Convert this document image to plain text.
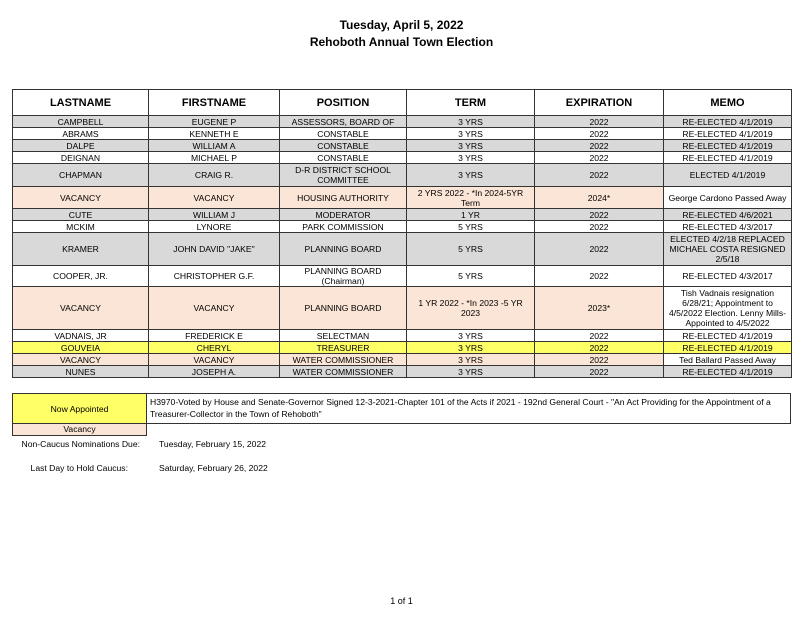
Tuesday, April 5, 2022
Rehoboth Annual Town Election
LASTNAME	FIRSTNAME	POSITION	TERM	EXPIRATION	MEMO
CAMPBELL	EUGENE P	ASSESSORS, BOARD OF	3 YRS	2022	RE-ELECTED 4/1/2019
ABRAMS	KENNETH E	CONSTABLE	3 YRS	2022	RE-ELECTED 4/1/2019
DALPE	WILLIAM A	CONSTABLE	3 YRS	2022	RE-ELECTED 4/1/2019
DEIGNAN	MICHAEL P	CONSTABLE	3 YRS	2022	RE-ELECTED 4/1/2019
CHAPMAN	CRAIG R.	D-R DISTRICT SCHOOL COMMITTEE	3 YRS	2022	ELECTED 4/1/2019
VACANCY	VACANCY	HOUSING AUTHORITY	2 YRS 2022 - *In 2024-5YR Term	2024*	George Cardono Passed Away
CUTE	WILLIAM J	MODERATOR	1 YR	2022	RE-ELECTED 4/6/2021
MCKIM	LYNORE	PARK COMMISSION	5 YRS	2022	RE-ELECTED 4/3/2017
KRAMER	JOHN DAVID "JAKE"	PLANNING BOARD	5 YRS	2022	ELECTED 4/2/18 REPLACED MICHAEL COSTA RESIGNED 2/5/18
COOPER, JR.	CHRISTOPHER G.F.	PLANNING BOARD (Chairman)	5 YRS	2022	RE-ELECTED 4/3/2017
VACANCY	VACANCY	PLANNING BOARD	1 YR 2022 - *In 2023 -5 YR 2023	2023*	Tish Vadnais resignation 6/28/21; Appointment to 4/5/2022 Election. Lenny Mills-Appointed to 4/5/2022
VADNAIS, JR	FREDERICK E	SELECTMAN	3 YRS	2022	RE-ELECTED 4/1/2019
GOUVEIA	CHERYL	TREASURER	3 YRS	2022	RE-ELECTED 4/1/2019
VACANCY	VACANCY	WATER COMMISSIONER	3 YRS	2022	Ted Ballard Passed Away
NUNES	JOSEPH A.	WATER COMMISSIONER	3 YRS	2022	RE-ELECTED 4/1/2019
Now Appointed
H3970-Voted by House and Senate-Governor Signed 12-3-2021-Chapter 101 of the Acts if 2021 - 192nd General Court - "An Act Providing for the Appointment of a Treasurer-Collector in the Town of Rehoboth"
Vacancy
Non-Caucus Nominations Due: Tuesday, February 15, 2022
Last Day to Hold Caucus:	Saturday, February 26, 2022
1 of 1
